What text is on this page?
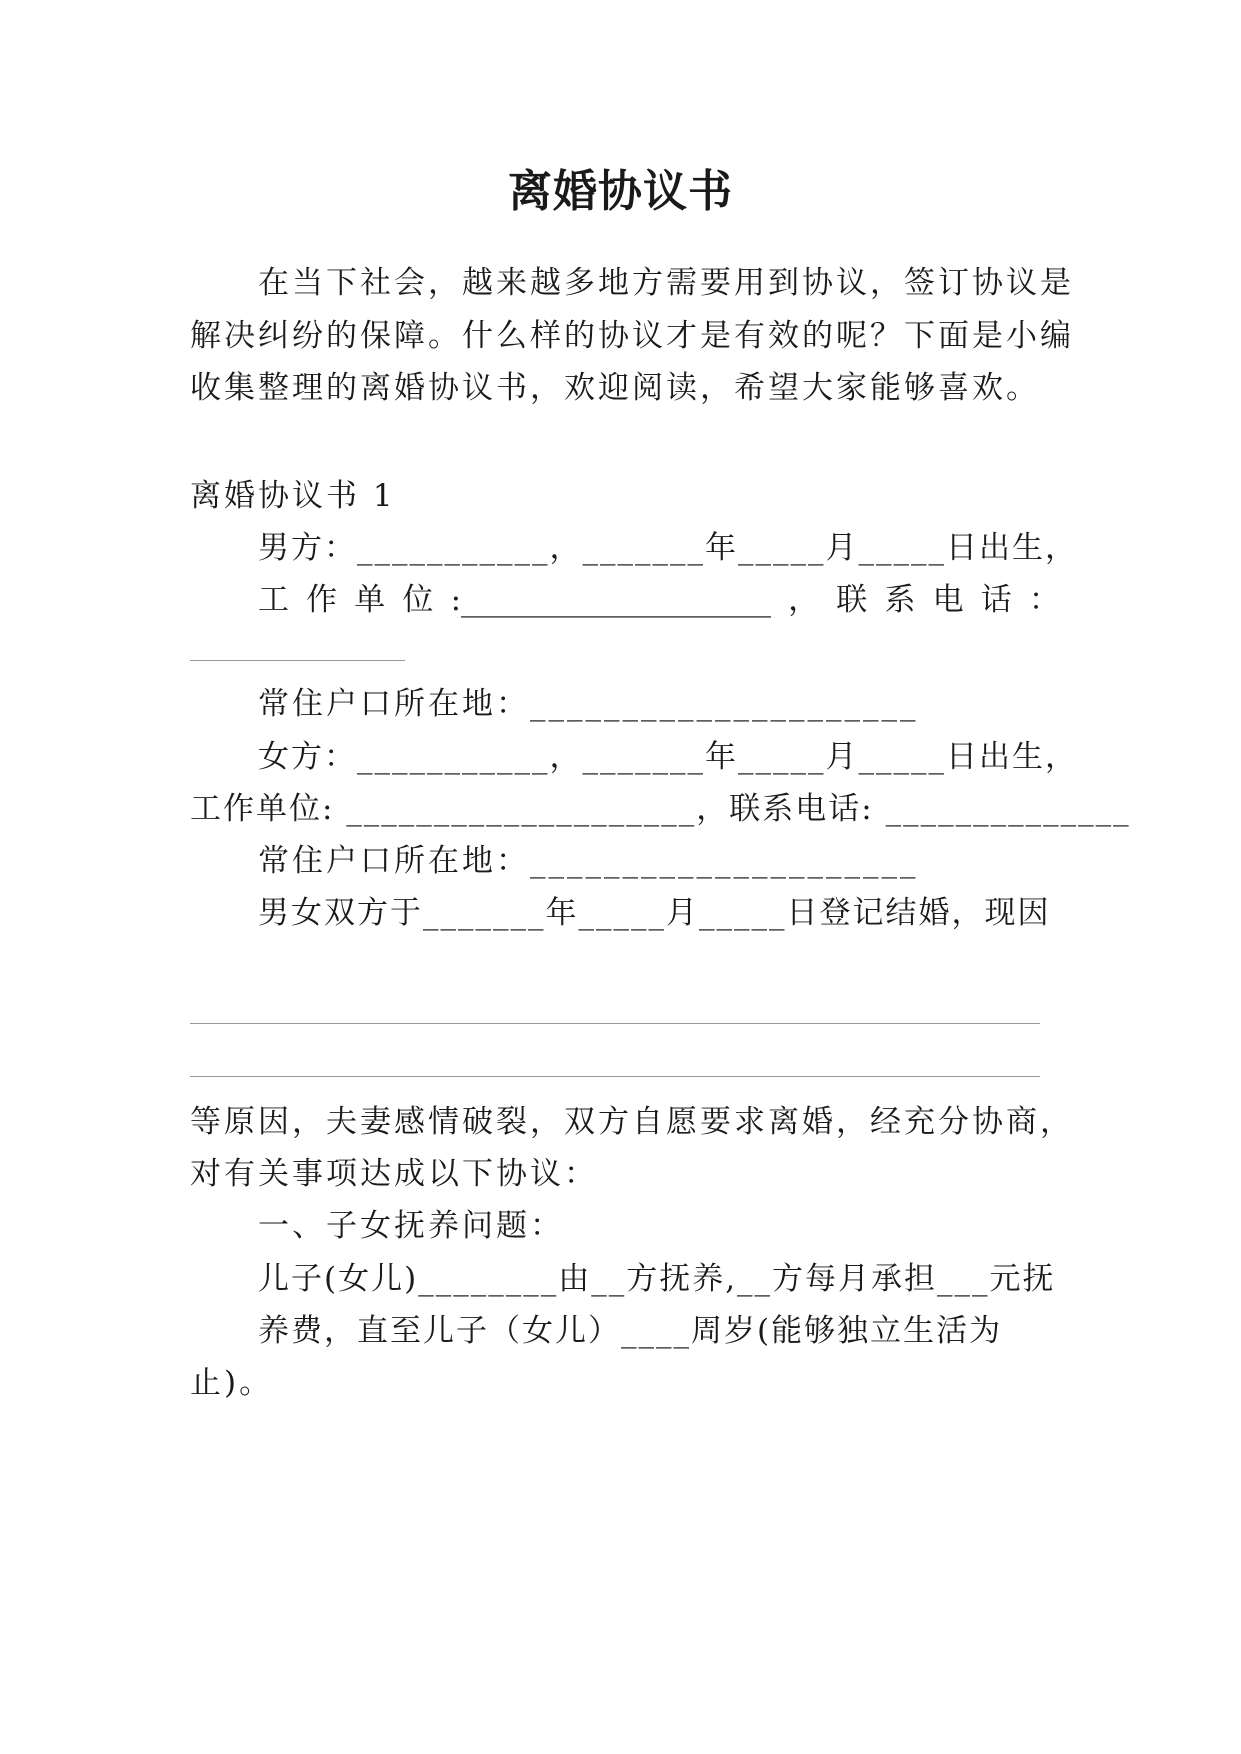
离婚协议书
在当下社会，越来越多地方需要用到协议，签订协议是
解决纠纷的保障。什么样的协议才是有效的呢？下面是小编
收集整理的离婚协议书，欢迎阅读，希望大家能够喜欢。
离婚协议书 1
男方：___________，_______年_____月_____日出生，
工 作 单 位 :____________________ ， 联 系 电 话 ：
常住户口所在地：_____________________
女方：___________，_______年_____月_____日出生，
工作单位: ____________________，联系电话: ______________
常住户口所在地：_____________________
男女双方于_______年_____月_____日登记结婚，现因
等原因，夫妻感情破裂，双方自愿要求离婚，经充分协商，
对有关事项达成以下协议：
一、子女抚养问题：
儿子(女儿)________由__方抚养,__方每月承担___元抚
养费，直至儿子（女儿）____周岁(能够独立生活为
止)。
